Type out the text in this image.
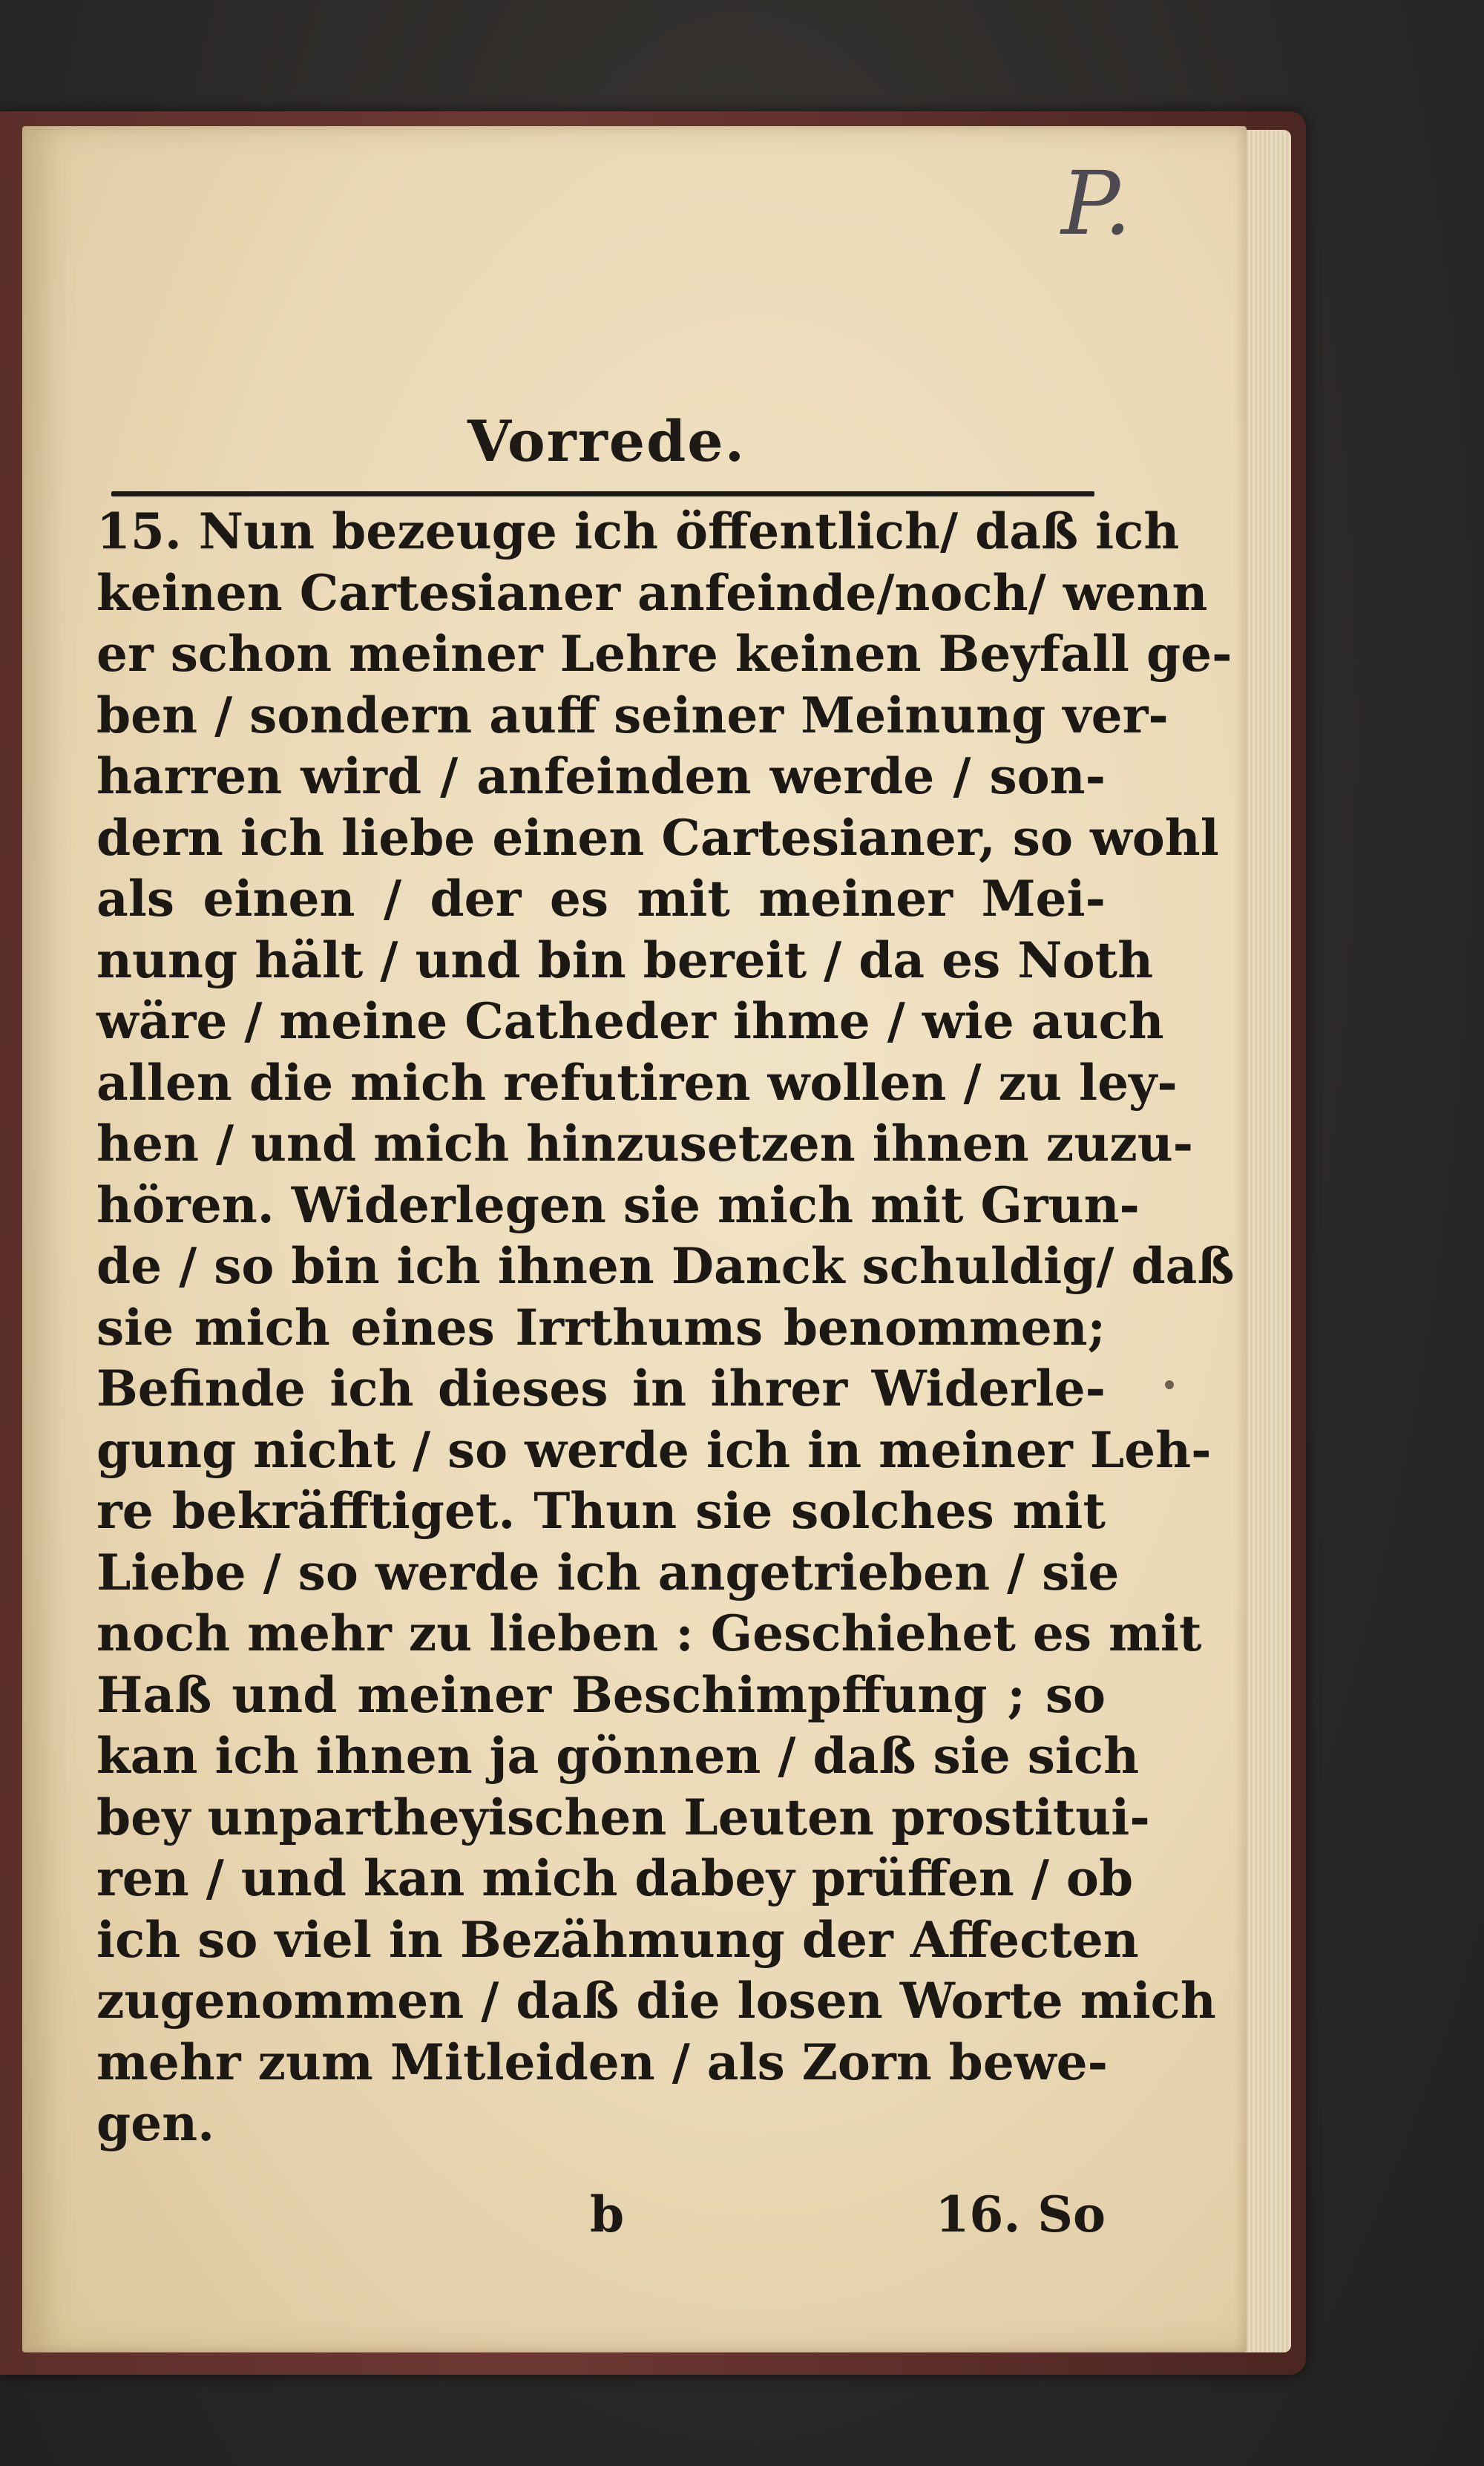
Vorrede.
15. Nun bezeuge ich öffentlich/ daß ich
keinen Cartesianer anfeinde/noch/ wenn
er schon meiner Lehre keinen Beyfall ge-
ben / sondern auff seiner Meinung ver-
harren wird / anfeinden werde / son-
dern ich liebe einen Cartesianer, so wohl
als einen / der es mit meiner Mei-
nung hält / und bin bereit / da es Noth
wäre / meine Catheder ihme / wie auch
allen die mich refutiren wollen / zu ley-
hen / und mich hinzusetzen ihnen zuzu-
hören. Widerlegen sie mich mit Grun-
de / so bin ich ihnen Danck schuldig/ daß
sie mich eines Irrthums benommen;
Befinde ich dieses in ihrer Widerle-
gung nicht / so werde ich in meiner Leh-
re bekräfftiget. Thun sie solches mit
Liebe / so werde ich angetrieben / sie
noch mehr zu lieben : Geschiehet es mit
Haß und meiner Beschimpffung ; so
kan ich ihnen ja gönnen / daß sie sich
bey unpartheyischen Leuten prostitui-
ren / und kan mich dabey prüffen / ob
ich so viel in Bezähmung der Affecten
zugenommen / daß die losen Worte mich
mehr zum Mitleiden / als Zorn bewe-
gen.
b	16. So
P.
